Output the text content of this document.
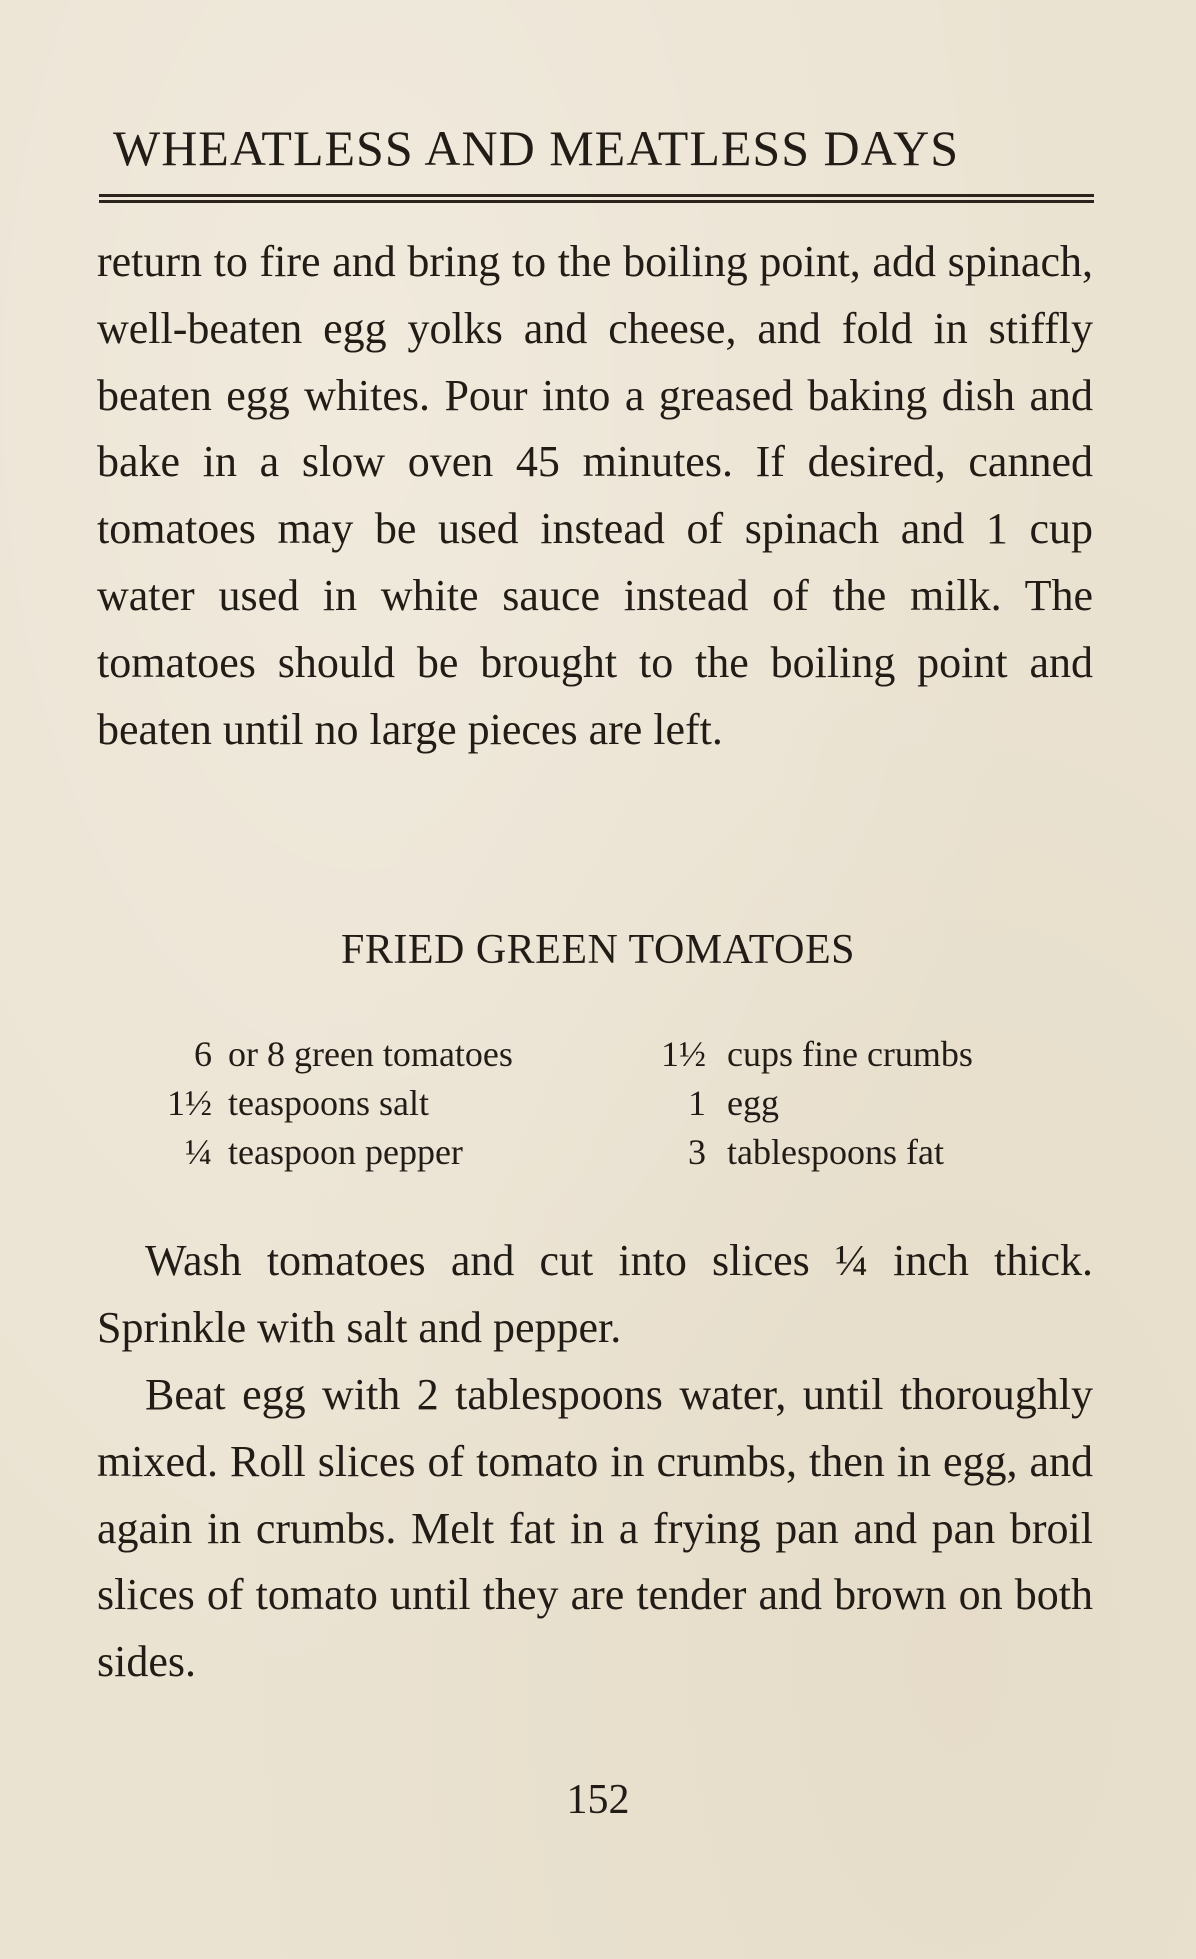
WHEATLESS AND MEATLESS DAYS

return to fire and bring to the boiling point, add spinach, well-beaten egg yolks and cheese, and fold in stiffly beaten egg whites. Pour into a greased baking dish and bake in a slow oven 45 minutes. If desired, canned tomatoes may be used instead of spinach and 1 cup water used in white sauce instead of the milk. The tomatoes should be brought to the boiling point and beaten until no large pieces are left.

FRIED GREEN TOMATOES
6 or 8 green tomatoes	1½ cups fine crumbs
1½ teaspoons salt	1 egg
¼ teaspoon pepper	3 tablespoons fat

Wash tomatoes and cut into slices ¼ inch thick. Sprinkle with salt and pepper.

Beat egg with 2 tablespoons water, until thoroughly mixed. Roll slices of tomato in crumbs, then in egg, and again in crumbs. Melt fat in a frying pan and pan broil slices of tomato until they are tender and brown on both sides.

152
